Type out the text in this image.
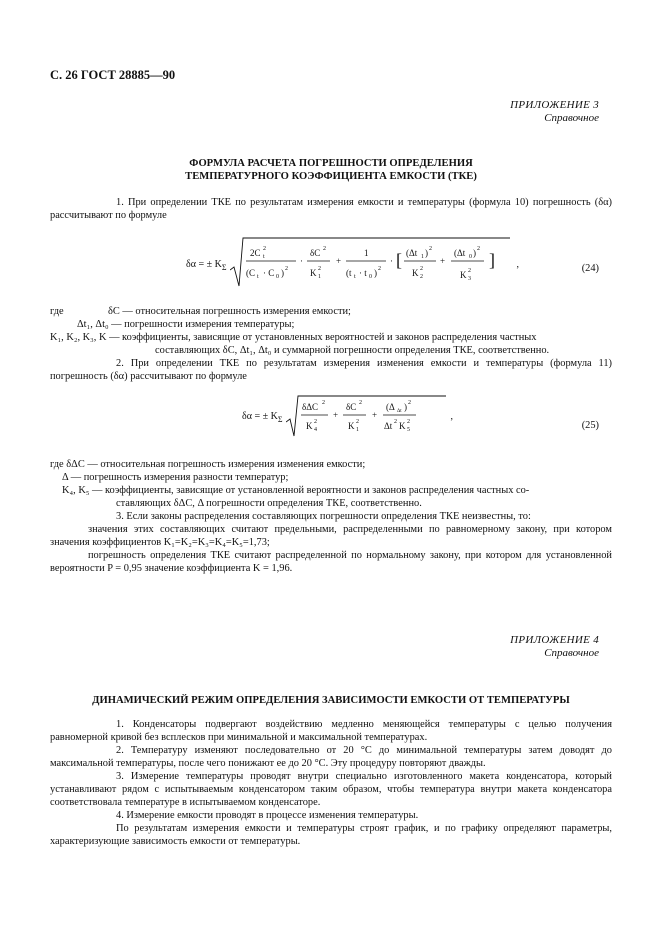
С. 26 ГОСТ 28885—90
ПРИЛОЖЕНИЕ 3
Справочное
ФОРМУЛА РАСЧЕТА ПОГРЕШНОСТИ ОПРЕДЕЛЕНИЯ
ТЕМПЕРАТУРНОГО КОЭФФИЦИЕНТА ЕМКОСТИ (ТКЕ)
1. При определении ТКЕ по результатам измерения емкости и температуры (формула 10) погрешность (δα) рассчитывают по формуле
δα = ± K Σ
2C t
2
(C t · C 0 ) 2
·
δC 2
K 1
2
+
1
(t t · t 0 ) 2
· [ (Δt 1 ) 2
K 2
2
+
(Δt 0 ) 2
K 3
2
] ,	(24)
где	δC — относительная погрешность измерения емкости;
Δt₁, Δt₀ — погрешности измерения температуры;
K₁, K₂, K₃, K — коэффициенты, зависящие от установленных вероятностей и законов распределения частных
составляющих δC, Δt₁, Δt₀ и суммарной погрешности определения ТКЕ, соответственно.
2. При определении ТКЕ по результатам измерения изменения емкости и температуры (формула 11) погрешность (δα) рассчитывают по формуле
δα = ± K Σ
δΔC 2
K 4
2
+
δC 2
K 1
2
+
(Δ Δt ) 2
Δt 2 K 5
2
,
(25)
где δΔC — относительная погрешность измерения изменения емкости;
Δ — погрешность измерения разности температур;
K₄, K₅ — коэффициенты, зависящие от установленной вероятности и законов распределения частных со-
ставляющих δΔC, Δ погрешности определения ТКЕ, соответственно.
3. Если законы распределения составляющих погрешности определения ТКЕ неизвестны, то:
значения этих составляющих считают предельными, распределенными по равномерному закону, при котором значения коэффициентов K₁=K₂=K₃=K₄=K₅=1,73;
погрешность определения ТКЕ считают распределенной по нормальному закону, при котором для установленной вероятности P = 0,95 значение коэффициента K = 1,96.
ПРИЛОЖЕНИЕ 4
Справочное
ДИНАМИЧЕСКИЙ РЕЖИМ ОПРЕДЕЛЕНИЯ ЗАВИСИМОСТИ ЕМКОСТИ ОТ ТЕМПЕРАТУРЫ
1. Конденсаторы подвергают воздействию медленно меняющейся температуры с целью получения равномерной кривой без всплесков при минимальной и максимальной температурах.
2. Температуру изменяют последовательно от 20 °С до минимальной температуры затем доводят до максимальной температуры, после чего понижают ее до 20 °С. Эту процедуру повторяют дважды.
3. Измерение температуры проводят внутри специально изготовленного макета конденсатора, который устанавливают рядом с испытываемым конденсатором таким образом, чтобы температура внутри макета конденсатора соответствовала температуре в испытываемом конденсаторе.
4. Измерение емкости проводят в процессе изменения температуры.
По результатам измерения емкости и температуры строят график, и по графику определяют параметры, характеризующие зависимость емкости от температуры.
